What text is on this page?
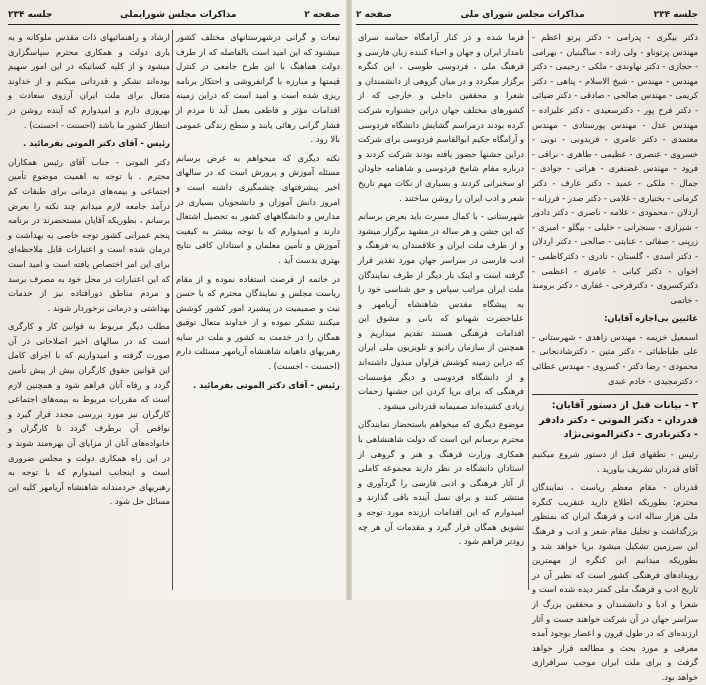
صفحه ۲
مذاکرات مجلس شورایملی
جلسه ۲۳۴	جلسه ۲۳۴
مذاکرات مجلس شورای ملی
صفحه ۲

دکتر بیگری - پدرامی - دکتر پرتو اعظم - مهندس پرتوناو - ولی زاده - ساگینیان - بهرامی - حجازی - دکتر نهاوندی - ملکی - رحیمی - دکتر مهندس - مهندس - شیخ الاسلام - پناهی - دکتر کریمی - مهندس صالحی - صادقی - دکتر ضیائی - دکتر فرخ پور - دکترسعیدی - دکتر علیزاده - مهندس عدل - مهندس پورستادی - مهندس معتمدی - دکتر عامری - فریدونی - نوبی - خسروی - عنصری - عظیمی - طاهری - نراقی - فرود - مهندس غضنفری - هراتی - جوادی - جمال - ملکی - عمید - دکتر عارف - دکتر کرمانی - بختیاری - غلامی - دکتر صدر - فرزانه - اردلان - محمودی - علامه - ناصری - دکتر دادور - شیرازی - سنجرانی - خلیلی - بیگلو - امیری - زرینی - صفائی - عنایتی - صالحی - دکتر اردلان - دکتر اسدی - گلستان - نادری - دکترکاظمی - اخوان - دکتر کیانی - عامری - اعظمی - دکترکسروی - دکترفرخی - غفاری - دکتر برومند - خاتمی

غائبین بی‌اجازه آقایان:

اسمعیل خزیمه - مهندس زاهدی - شهرستانی - علی طباطبائی - دکتر متین - دکترشادنجانی - محمودی - رضا دکتر - کسروی - مهندس عطائی - دکترمجیدی - خادم عبدی

۲ - بیانات قبل از دستور آقایان: قدردان - دکتر الموتی - دکتر دادفر - دکترنادری - دکترالموتی‌نژاد

رئیس - نطقهای قبل از دستور شروع میکنیم آقای قدردان تشریف بیاورید .

قدردان - مقام معظم ریاست ، نمایندگان محترم: بطوریکه اطلاع دارید عنقریب کنگره ملی هزار ساله ادب و فرهنگ ایران که بمنظور بزرگداشت و تجلیل مقام شعر و ادب و فرهنگ این سرزمین تشکیل میشود برپا خواهد شد و بطوریکه میدانیم این کنگره از مهمترین رویدادهای فرهنگی کشور است که نظیر آن در تاریخ ادب و فرهنگ ملی کمتر دیده شده است و شعرا و ادبا و دانشمندان و محققین بزرگ از سراسر جهان در آن شرکت خواهند جست و آثار ارزنده‌ای که در طول قرون و اعصار بوجود آمده معرفی و مورد بحث و مطالعه قرار خواهد گرفت و برای ملت ایران موجب سرافرازی خواهد بود.

فرما شده و در کنار آرامگاه حماسه سرای نامدار ایران و جهان و احیاء کننده زبان فارسی و فرهنگ ملی ، فردوسی طوسی ، این کنگره برگزار میگردد و در میان گروهی از دانشمندان و شعرا و محققین داخلی و خارجی که از کشورهای مختلف جهان دراین جشنواره شرکت کرده بودند درمراسم گشایش دانشگاه فردوسی و آرامگاه حکیم ابوالقاسم فردوسی برای شرکت دراین جشنها حضور یافته بودند شرکت کردند و درباره مقام شامخ فردوسی و شاهنامه جاودان او سخنرانی کردند و بسیاری از نکات مهم تاریخ شعر و ادب ایران را روشن ساختند .

شهرستانی - با کمال مسرت باید بعرض برسانم که این جشن و هر ساله در مشهد برگزار میشود و از طرف ملت ایران و علاقمندان به فرهنگ و ادب فارسی در سراسر جهان مورد تقدیر قرار گرفته است و اینک بار دیگر از طرف نمایندگان ملت ایران مراتب سپاس و حق شناسی خود را به پیشگاه مقدس شاهنشاه آریامهر و علیاحضرت شهبانو که بانی و مشوق این اقدامات فرهنگی هستند تقدیم میداریم و همچنین از سازمان رادیو و تلویزیون ملی ایران که دراین زمینه کوشش فراوان مبذول داشته‌اند و از دانشگاه فردوسی و دیگر مؤسسات فرهنگی که برای برپا کردن این جشنها زحمات زیادی کشیده‌اند صمیمانه قدردانی میشود .

موضوع دیگری که میخواهم باستحضار نمایندگان محترم برسانم این است که دولت شاهنشاهی با همکاری وزارت فرهنگ و هنر و گروهی از استادان دانشگاه در نظر دارند مجموعه کاملی از آثار فرهنگی و ادبی فارسی را گردآوری و منتشر کنند و برای نسل آینده باقی گذارند و امیدوارم که این اقدامات ارزنده مورد توجه و تشویق همگان قرار گیرد و مقدمات آن هر چه زودتر فراهم شود .

تبعات و گرانی درشهرستانهای مختلف کشور میشنود که این امید است بالفاصله که از طرف دولت هماهنگ با این طرح جامعی در کنترل قیمتها و مبارزه با گرانفروشی و احتکار برنامه ریزی شده است و امید است که دراین زمینه اقدامات مؤثر و قاطعی بعمل آید تا مردم از فشار گرانی رهائی یابند و سطح زندگی عمومی بالا رود .

نکته دیگری که میخواهم به عرض برسانم مسئله آموزش و پرورش است که در سالهای اخیر پیشرفتهای چشمگیری داشته است و امروز دانش آموزان و دانشجویان بسیاری در مدارس و دانشگاههای کشور به تحصیل اشتغال دارند و امیدوارم که با توجه بیشتر به کیفیت آموزش و تأمین معلمان و استادان کافی نتایج بهتری بدست آید .

در خاتمه از فرصت استفاده نموده و از مقام ریاست مجلس و نمایندگان محترم که با حسن نیت و صمیمیت در پیشبرد امور کشور کوشش میکنند تشکر نموده و از خداوند متعال توفیق همگان را در خدمت به کشور و ملت در سایه رهبریهای داهیانه شاهنشاه آریامهر مسئلت دارم (احسنت - احسنت) .

رئیس - آقای دکتر الموتی بفرمائید .

ارشاد و راهنمائیهای ذات مقدس ملوکانه و به یاری دولت و همکاری محترم سپاسگزاری میشود و از کلیه کسانیکه در این امور سهیم بوده‌اند تشکر و قدردانی میکنم و از خداوند متعال برای ملت ایران آرزوی سعادت و بهروزی دارم و امیدوارم که آینده روشن در انتظار کشور ما باشد (احسنت - احسنت) .

رئیس - آقای دکتر الموتی بفرمائید .

دکتر الموتی - جناب آقای رئیس همکاران محترم . با توجه به اهمیت موضوع تأمین اجتماعی و بیمه‌های درمانی برای طبقات کم درآمد جامعه لازم میدانم چند نکته را بعرض برسانم ، بطوریکه آقایان مستحضرند در برنامه پنجم عمرانی کشور توجه خاصی به بهداشت و درمان شده است و اعتبارات قابل ملاحظه‌ای برای این امر اختصاص یافته است و امید است که این اعتبارات در محل خود به مصرف برسد و مردم مناطق دورافتاده نیز از خدمات بهداشتی و درمانی برخوردار شوند .

مطلب دیگر مربوط به قوانین کار و کارگری است که در سالهای اخیر اصلاحاتی در آن صورت گرفته و امیدواریم که با اجرای کامل این قوانین حقوق کارگران بیش از پیش تأمین گردد و رفاه آنان فراهم شود و همچنین لازم است که مقررات مربوط به بیمه‌های اجتماعی کارگران نیز مورد بررسی مجدد قرار گیرد و نواقص آن برطرف گردد تا کارگران و خانواده‌های آنان از مزایای آن بهره‌مند شوند و در این راه همکاری دولت و مجلس ضروری است و اینجانب امیدوارم که با توجه به رهبریهای خردمندانه شاهنشاه آریامهر کلیه این مسائل حل شود .
